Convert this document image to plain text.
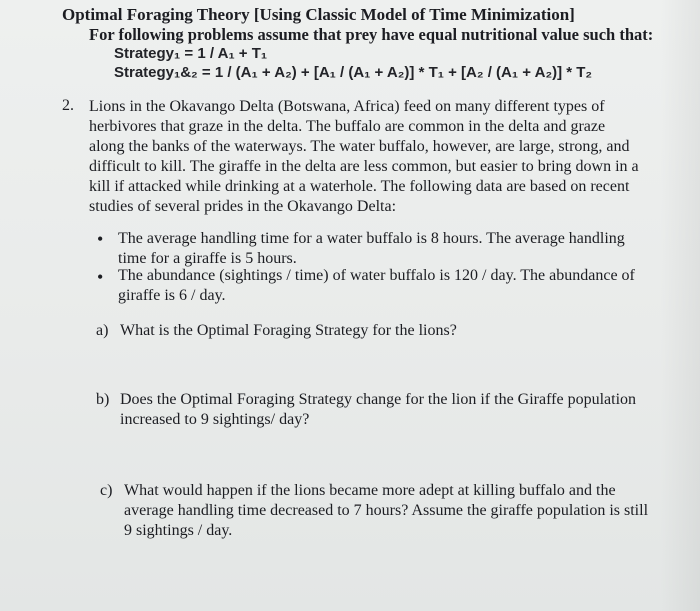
Optimal Foraging Theory [Using Classic Model of Time Minimization]
For following problems assume that prey have equal nutritional value such that:
Strategy₁ = 1 / A₁ + T₁
Strategy₁&₂ = 1 / (A₁ + A₂) + [A₁ / (A₁ + A₂)] * T₁ + [A₂ / (A₁ + A₂)] * T₂
2. Lions in the Okavango Delta (Botswana, Africa) feed on many different types of
herbivores that graze in the delta. The buffalo are common in the delta and graze
along the banks of the waterways. The water buffalo, however, are large, strong, and
difficult to kill. The giraffe in the delta are less common, but easier to bring down in a
kill if attacked while drinking at a waterhole. The following data are based on recent
studies of several prides in the Okavango Delta:
• The average handling time for a water buffalo is 8 hours. The average handling
time for a giraffe is 5 hours.
• The abundance (sightings / time) of water buffalo is 120 / day. The abundance of
giraffe is 6 / day.
a) What is the Optimal Foraging Strategy for the lions?
b) Does the Optimal Foraging Strategy change for the lion if the Giraffe population
increased to 9 sightings/ day?
c) What would happen if the lions became more adept at killing buffalo and the
average handling time decreased to 7 hours? Assume the giraffe population is still
9 sightings / day.
